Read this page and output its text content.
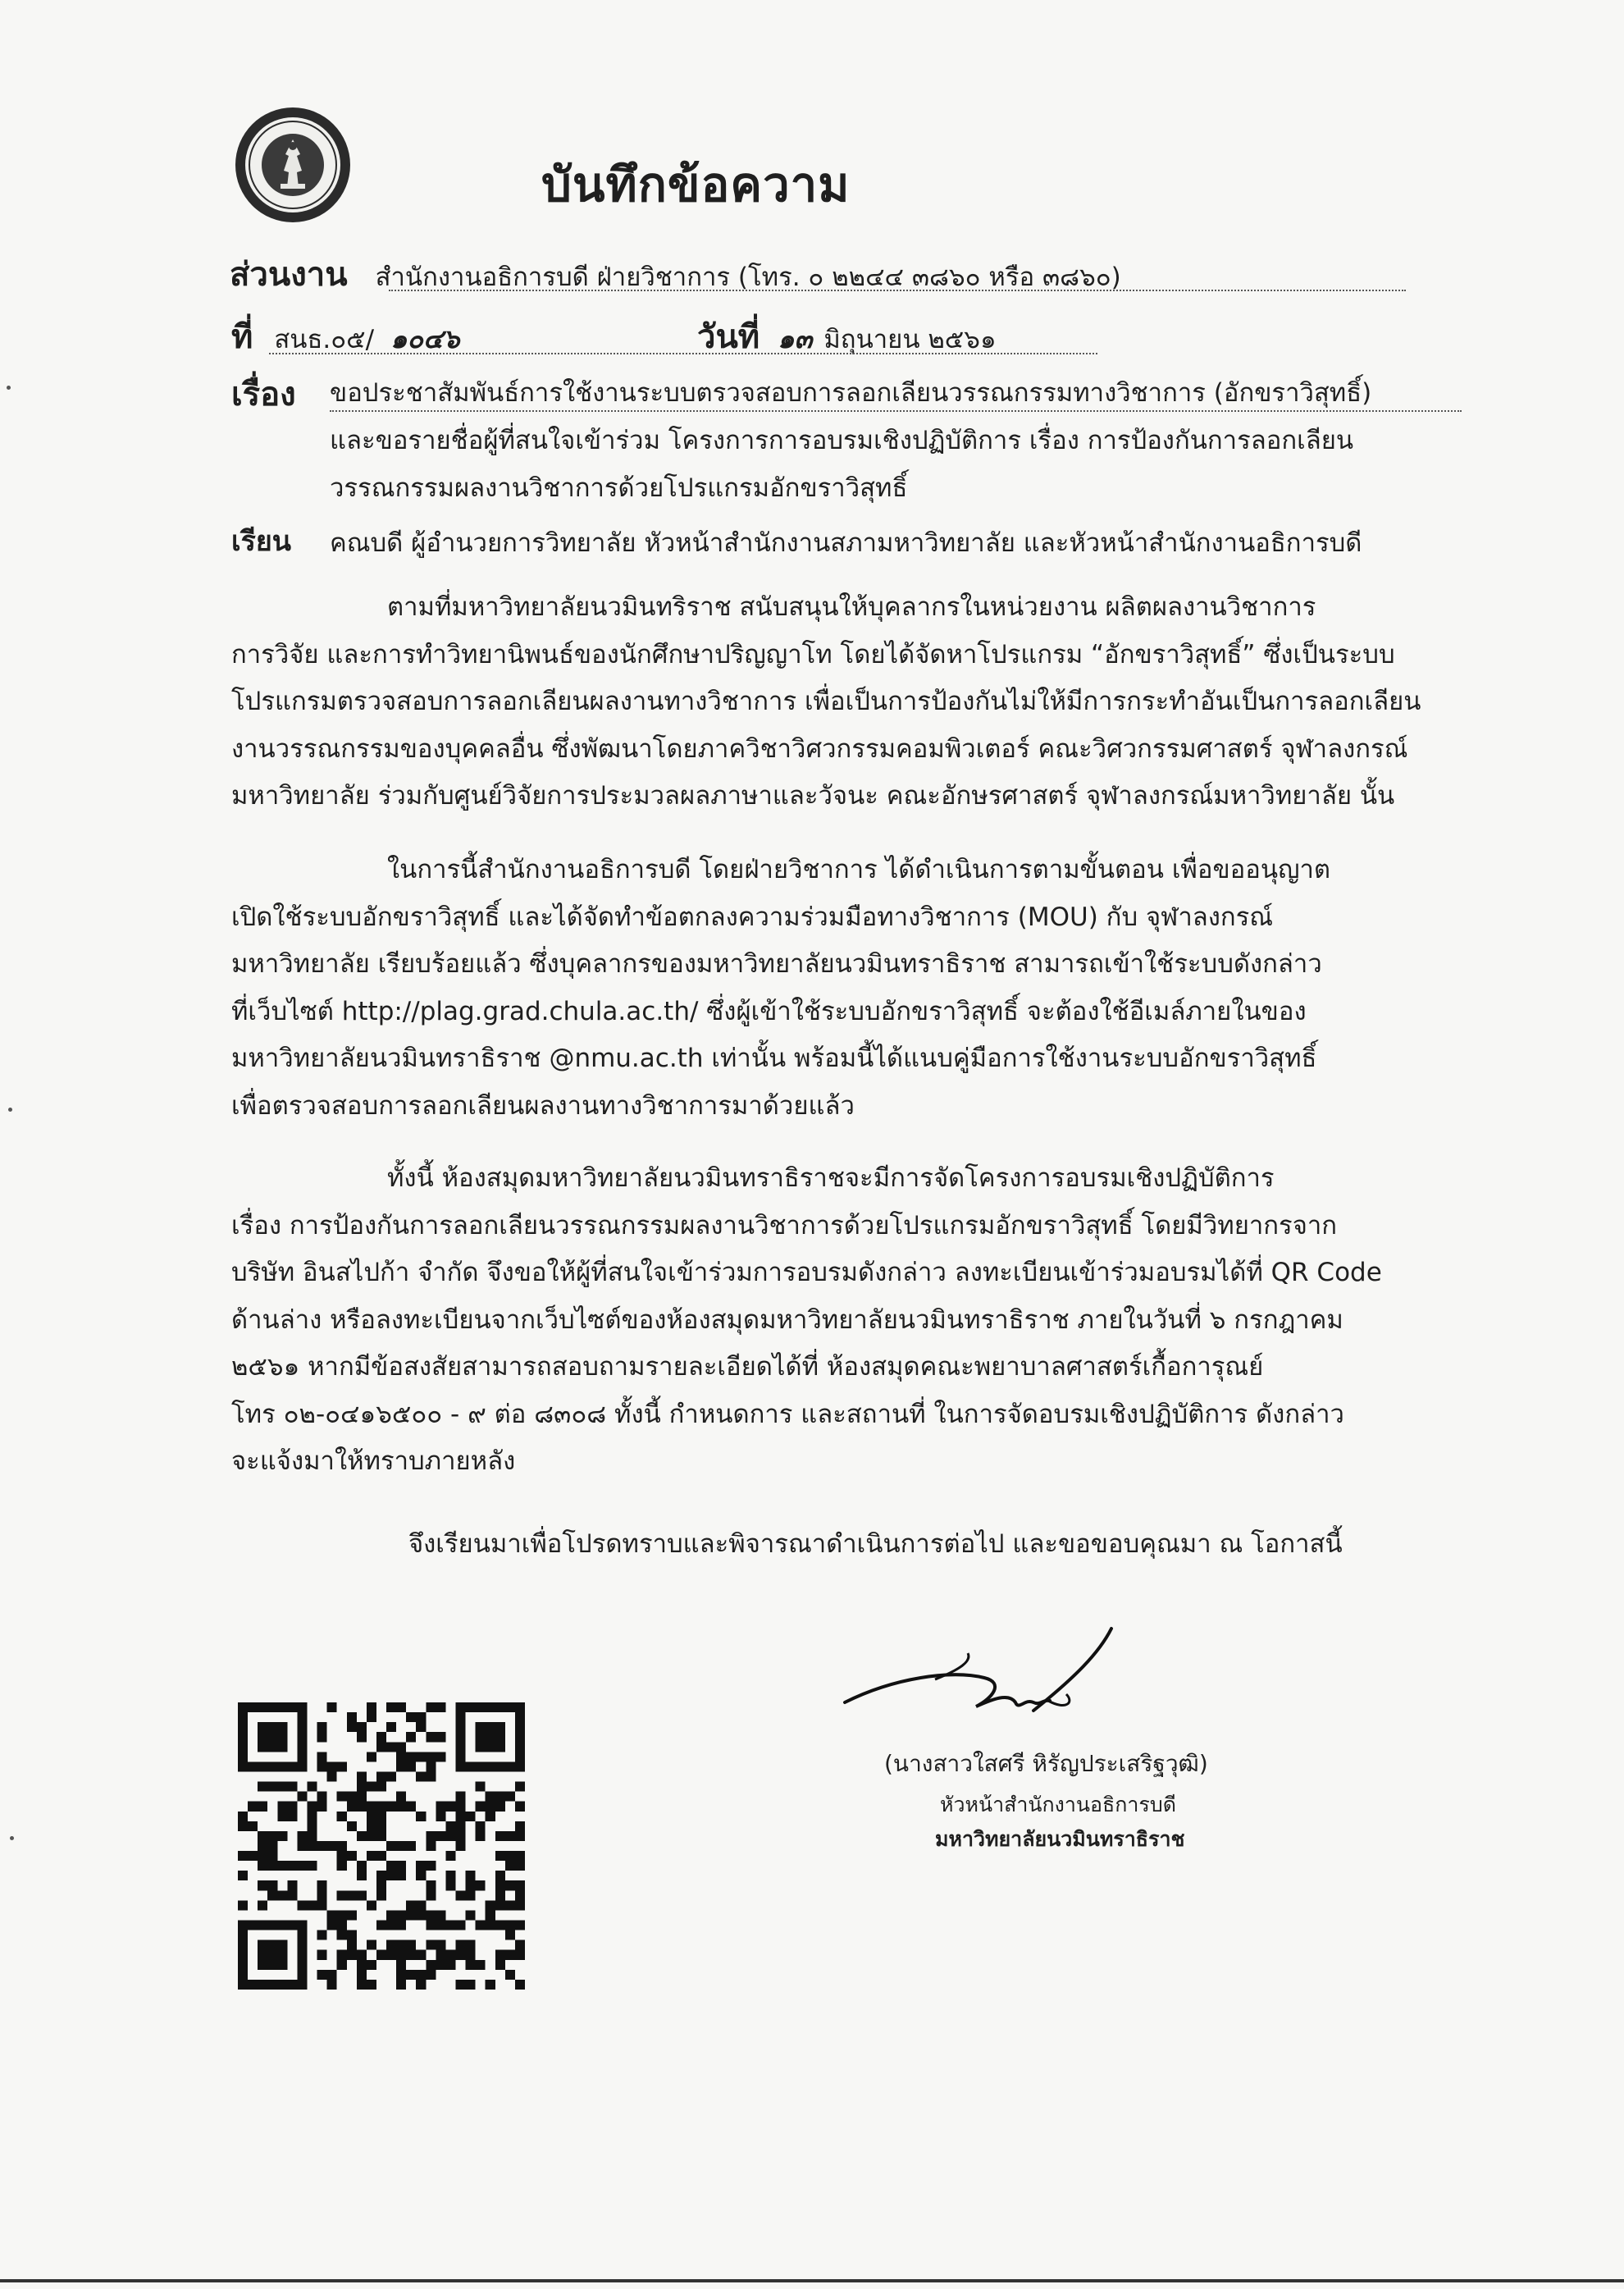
บันทึกข้อความ
ส่วนงาน สำนักงานอธิการบดี ฝ่ายวิชาการ (โทร. ๐ ๒๒๔๔ ๓๘๖๐ หรือ ๓๘๖๐)
ที่ สนธ.๐๕/ ๑๐๔๖	วันที่ ๑๓ มิถุนายน ๒๕๖๑
เรื่อง ขอประชาสัมพันธ์การใช้งานระบบตรวจสอบการลอกเลียนวรรณกรรมทางวิชาการ (อักขราวิสุทธิ์)
และขอรายชื่อผู้ที่สนใจเข้าร่วม โครงการการอบรมเชิงปฏิบัติการ เรื่อง การป้องกันการลอกเลียน
วรรณกรรมผลงานวิชาการด้วยโปรแกรมอักขราวิสุทธิ์
เรียน คณบดี ผู้อำนวยการวิทยาลัย หัวหน้าสำนักงานสภามหาวิทยาลัย และหัวหน้าสำนักงานอธิการบดี
ตามที่มหาวิทยาลัยนวมินทริราช สนับสนุนให้บุคลากรในหน่วยงาน ผลิตผลงานวิชาการ
การวิจัย และการทำวิทยานิพนธ์ของนักศึกษาปริญญาโท โดยได้จัดหาโปรแกรม “อักขราวิสุทธิ์” ซึ่งเป็นระบบ
โปรแกรมตรวจสอบการลอกเลียนผลงานทางวิชาการ เพื่อเป็นการป้องกันไม่ให้มีการกระทำอันเป็นการลอกเลียน
งานวรรณกรรมของบุคคลอื่น ซึ่งพัฒนาโดยภาควิชาวิศวกรรมคอมพิวเตอร์ คณะวิศวกรรมศาสตร์ จุฬาลงกรณ์
มหาวิทยาลัย ร่วมกับศูนย์วิจัยการประมวลผลภาษาและวัจนะ คณะอักษรศาสตร์ จุฬาลงกรณ์มหาวิทยาลัย นั้น
ในการนี้สำนักงานอธิการบดี โดยฝ่ายวิชาการ ได้ดำเนินการตามขั้นตอน เพื่อขออนุญาต
เปิดใช้ระบบอักขราวิสุทธิ์ และได้จัดทำข้อตกลงความร่วมมือทางวิชาการ (MOU) กับ จุฬาลงกรณ์
มหาวิทยาลัย เรียบร้อยแล้ว ซึ่งบุคลากรของมหาวิทยาลัยนวมินทราธิราช สามารถเข้าใช้ระบบดังกล่าว
ที่เว็บไซต์ http://plag.grad.chula.ac.th/ ซึ่งผู้เข้าใช้ระบบอักขราวิสุทธิ์ จะต้องใช้อีเมล์ภายในของ
มหาวิทยาลัยนวมินทราธิราช @nmu.ac.th เท่านั้น พร้อมนี้ได้แนบคู่มือการใช้งานระบบอักขราวิสุทธิ์
เพื่อตรวจสอบการลอกเลียนผลงานทางวิชาการมาด้วยแล้ว
ทั้งนี้ ห้องสมุดมหาวิทยาลัยนวมินทราธิราชจะมีการจัดโครงการอบรมเชิงปฏิบัติการ
เรื่อง การป้องกันการลอกเลียนวรรณกรรมผลงานวิชาการด้วยโปรแกรมอักขราวิสุทธิ์ โดยมีวิทยากรจาก
บริษัท อินสไปก้า จำกัด จึงขอให้ผู้ที่สนใจเข้าร่วมการอบรมดังกล่าว ลงทะเบียนเข้าร่วมอบรมได้ที่ QR Code
ด้านล่าง หรือลงทะเบียนจากเว็บไซต์ของห้องสมุดมหาวิทยาลัยนวมินทราธิราช ภายในวันที่ ๖ กรกฎาคม
๒๕๖๑ หากมีข้อสงสัยสามารถสอบถามรายละเอียดได้ที่ ห้องสมุดคณะพยาบาลศาสตร์เกื้อการุณย์
โทร ๐๒-๐๔๑๖๕๐๐ - ๙ ต่อ ๘๓๐๘ ทั้งนี้ กำหนดการ และสถานที่ ในการจัดอบรมเชิงปฏิบัติการ ดังกล่าว
จะแจ้งมาให้ทราบภายหลัง
จึงเรียนมาเพื่อโปรดทราบและพิจารณาดำเนินการต่อไป และขอขอบคุณมา ณ โอกาสนี้
(นางสาวใสศรี หิรัญประเสริฐวุฒิ)
หัวหน้าสำนักงานอธิการบดี
มหาวิทยาลัยนวมินทราธิราช
